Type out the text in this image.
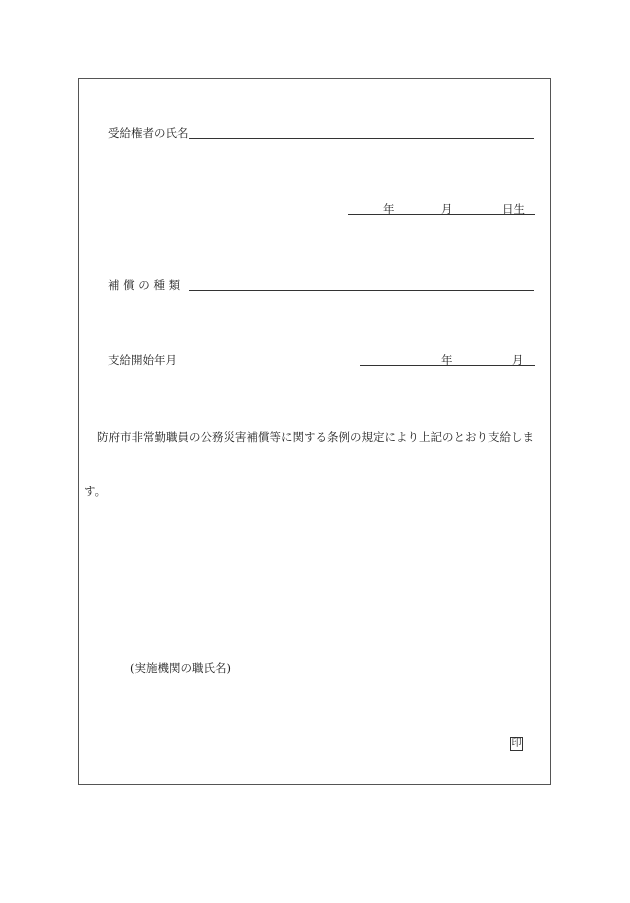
受給権者の氏名
年	月	日生
補 償 の 種 類
支給開始年月	年	月
防府市非常勤職員の公務災害補償等に関する条例の規定により上記のとおり支給しま
す。
(実施機関の職氏名)
印
